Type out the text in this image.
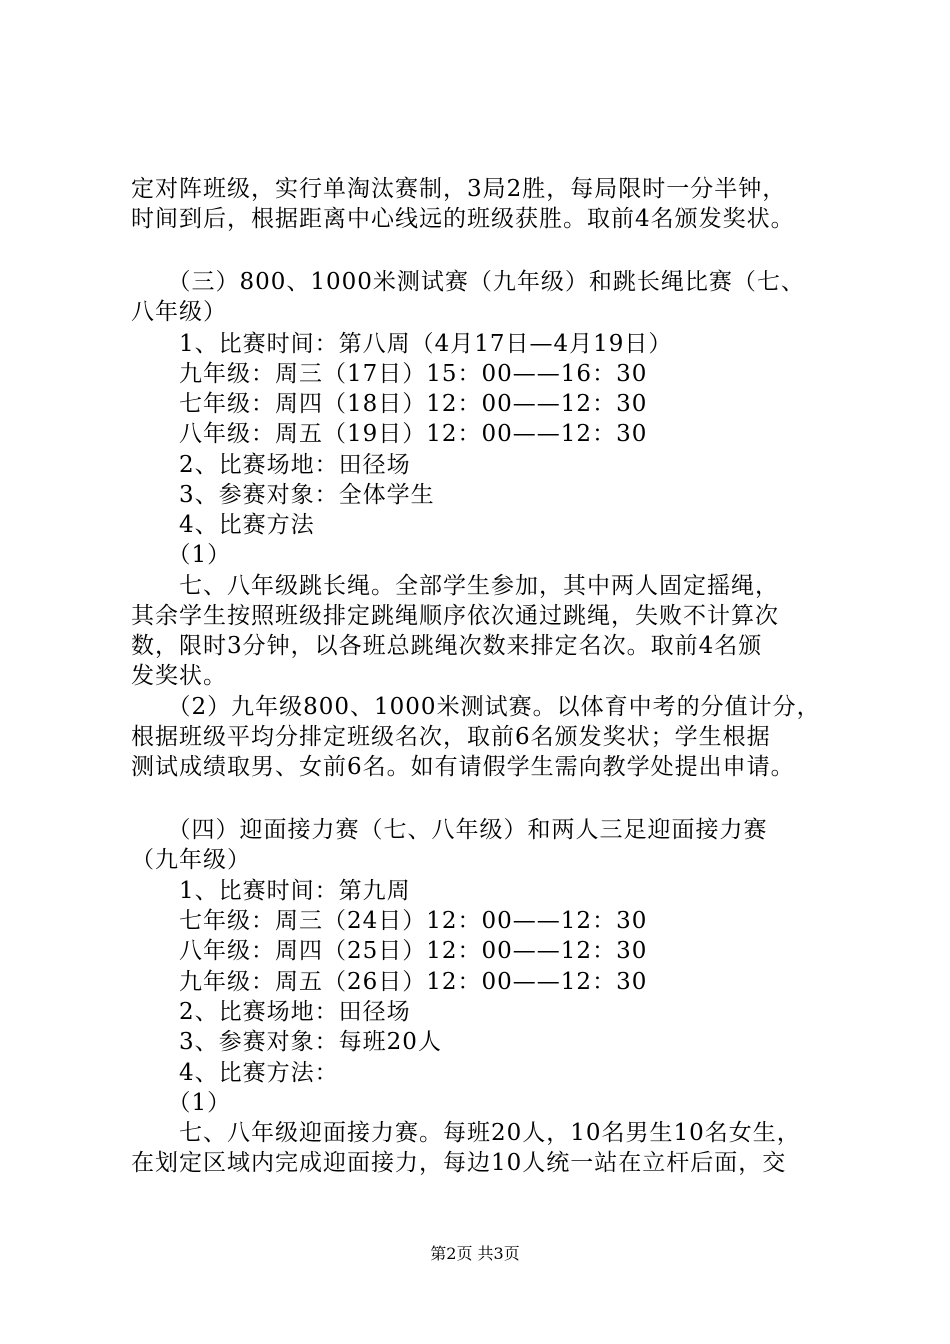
定对阵班级，实行单淘汰赛制，3局2胜，每局限时一分半钟，
时间到后，根据距离中心线远的班级获胜。取前4名颁发奖状。
　　（三）800、1000米测试赛（九年级）和跳长绳比赛（七、
八年级）
　　1、比赛时间：第八周（4月17日—4月19日）
　　九年级：周三（17日）15：00——16：30
　　七年级：周四（18日）12：00——12：30
　　八年级：周五（19日）12：00——12：30
　　2、比赛场地：田径场
　　3、参赛对象：全体学生
　　4、比赛方法
　　（1）
　　七、八年级跳长绳。全部学生参加，其中两人固定摇绳，
其余学生按照班级排定跳绳顺序依次通过跳绳，失败不计算次
数，限时3分钟，以各班总跳绳次数来排定名次。取前4名颁
发奖状。
　　（2）九年级800、1000米测试赛。以体育中考的分值计分，
根据班级平均分排定班级名次，取前6名颁发奖状；学生根据
测试成绩取男、女前6名。如有请假学生需向教学处提出申请。
　　（四）迎面接力赛（七、八年级）和两人三足迎面接力赛
（九年级）
　　1、比赛时间：第九周
　　七年级：周三（24日）12：00——12：30
　　八年级：周四（25日）12：00——12：30
　　九年级：周五（26日）12：00——12：30
　　2、比赛场地：田径场
　　3、参赛对象：每班20人
　　4、比赛方法：
　　（1）
　　七、八年级迎面接力赛。每班20人，10名男生10名女生，
在划定区域内完成迎面接力，每边10人统一站在立杆后面，交
第2页 共3页
